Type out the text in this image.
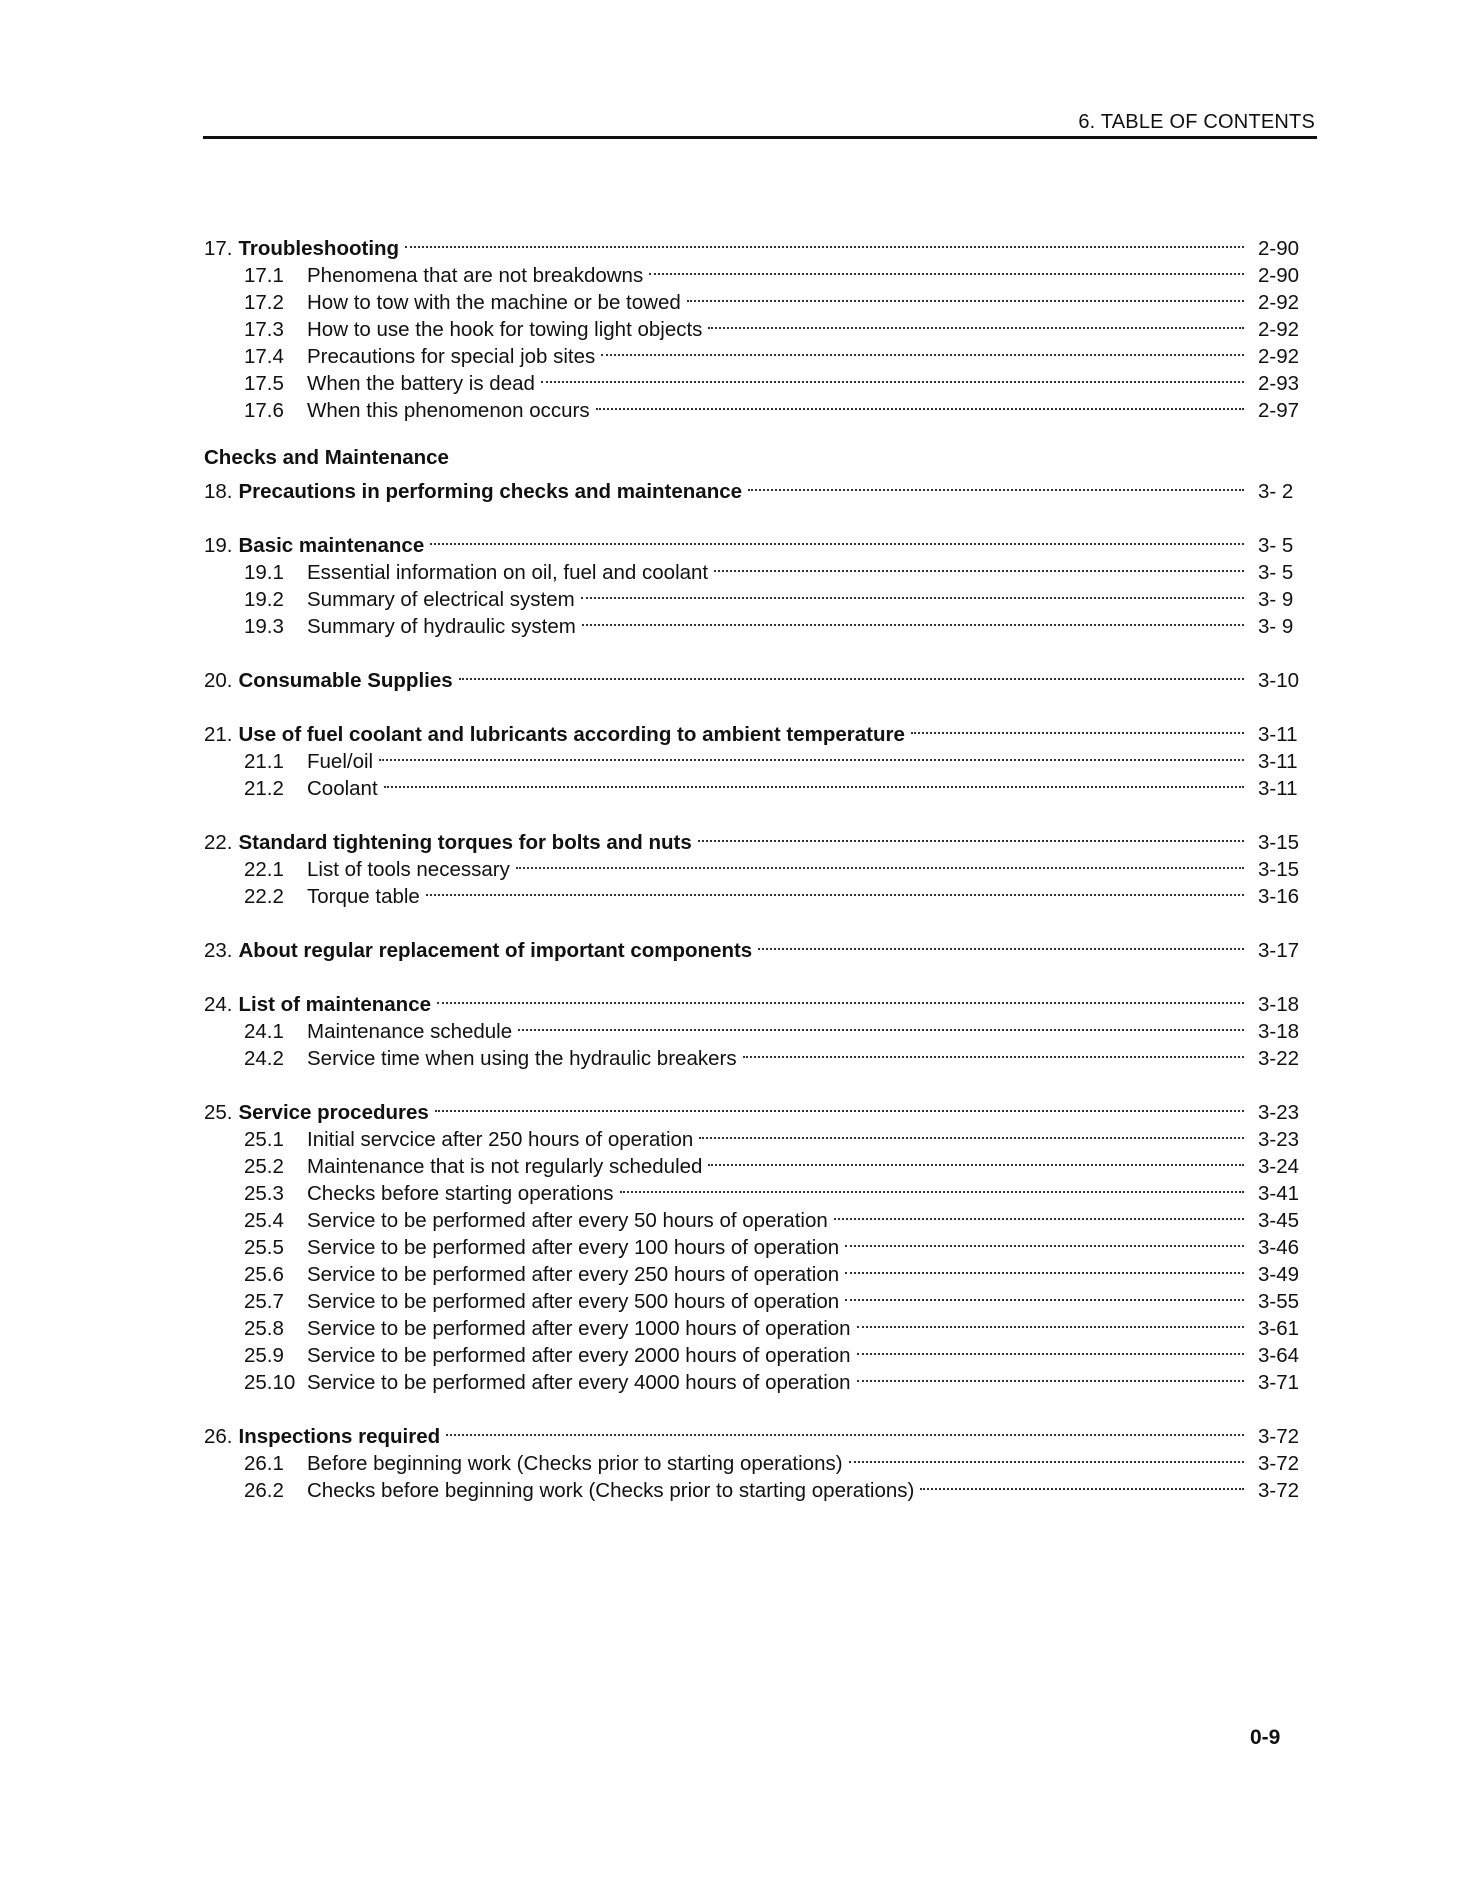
6. TABLE OF CONTENTS
17. Troubleshooting	2-90
17.1	Phenomena that are not breakdowns	2-90
17.2	How to tow with the machine or be towed	2-92
17.3	How to use the hook for towing light objects	2-92
17.4	Precautions for special job sites	2-92
17.5	When the battery is dead	2-93
17.6	When this phenomenon occurs	2-97
Checks and Maintenance
18. Precautions in performing checks and maintenance	3- 2
19. Basic maintenance	3- 5
19.1	Essential information on oil, fuel and coolant	3- 5
19.2	Summary of electrical system	3- 9
19.3	Summary of hydraulic system	3- 9
20. Consumable Supplies	3-10
21. Use of fuel coolant and lubricants according to ambient temperature	3-11
21.1	Fuel/oil	3-11
21.2	Coolant	3-11
22. Standard tightening torques for bolts and nuts	3-15
22.1	List of tools necessary	3-15
22.2	Torque table	3-16
23. About regular replacement of important components	3-17
24. List of maintenance	3-18
24.1	Maintenance schedule	3-18
24.2	Service time when using the hydraulic breakers	3-22
25. Service procedures	3-23
25.1	Initial servcice after 250 hours of operation	3-23
25.2	Maintenance that is not regularly scheduled	3-24
25.3	Checks before starting operations	3-41
25.4	Service to be performed after every 50 hours of operation	3-45
25.5	Service to be performed after every 100 hours of operation	3-46
25.6	Service to be performed after every 250 hours of operation	3-49
25.7	Service to be performed after every 500 hours of operation	3-55
25.8	Service to be performed after every 1000 hours of operation	3-61
25.9	Service to be performed after every 2000 hours of operation	3-64
25.10 Service to be performed after every 4000 hours of operation	3-71
26. Inspections required	3-72
26.1	Before beginning work (Checks prior to starting operations)	3-72
26.2	Checks before beginning work (Checks prior to starting operations)	3-72
0-9
